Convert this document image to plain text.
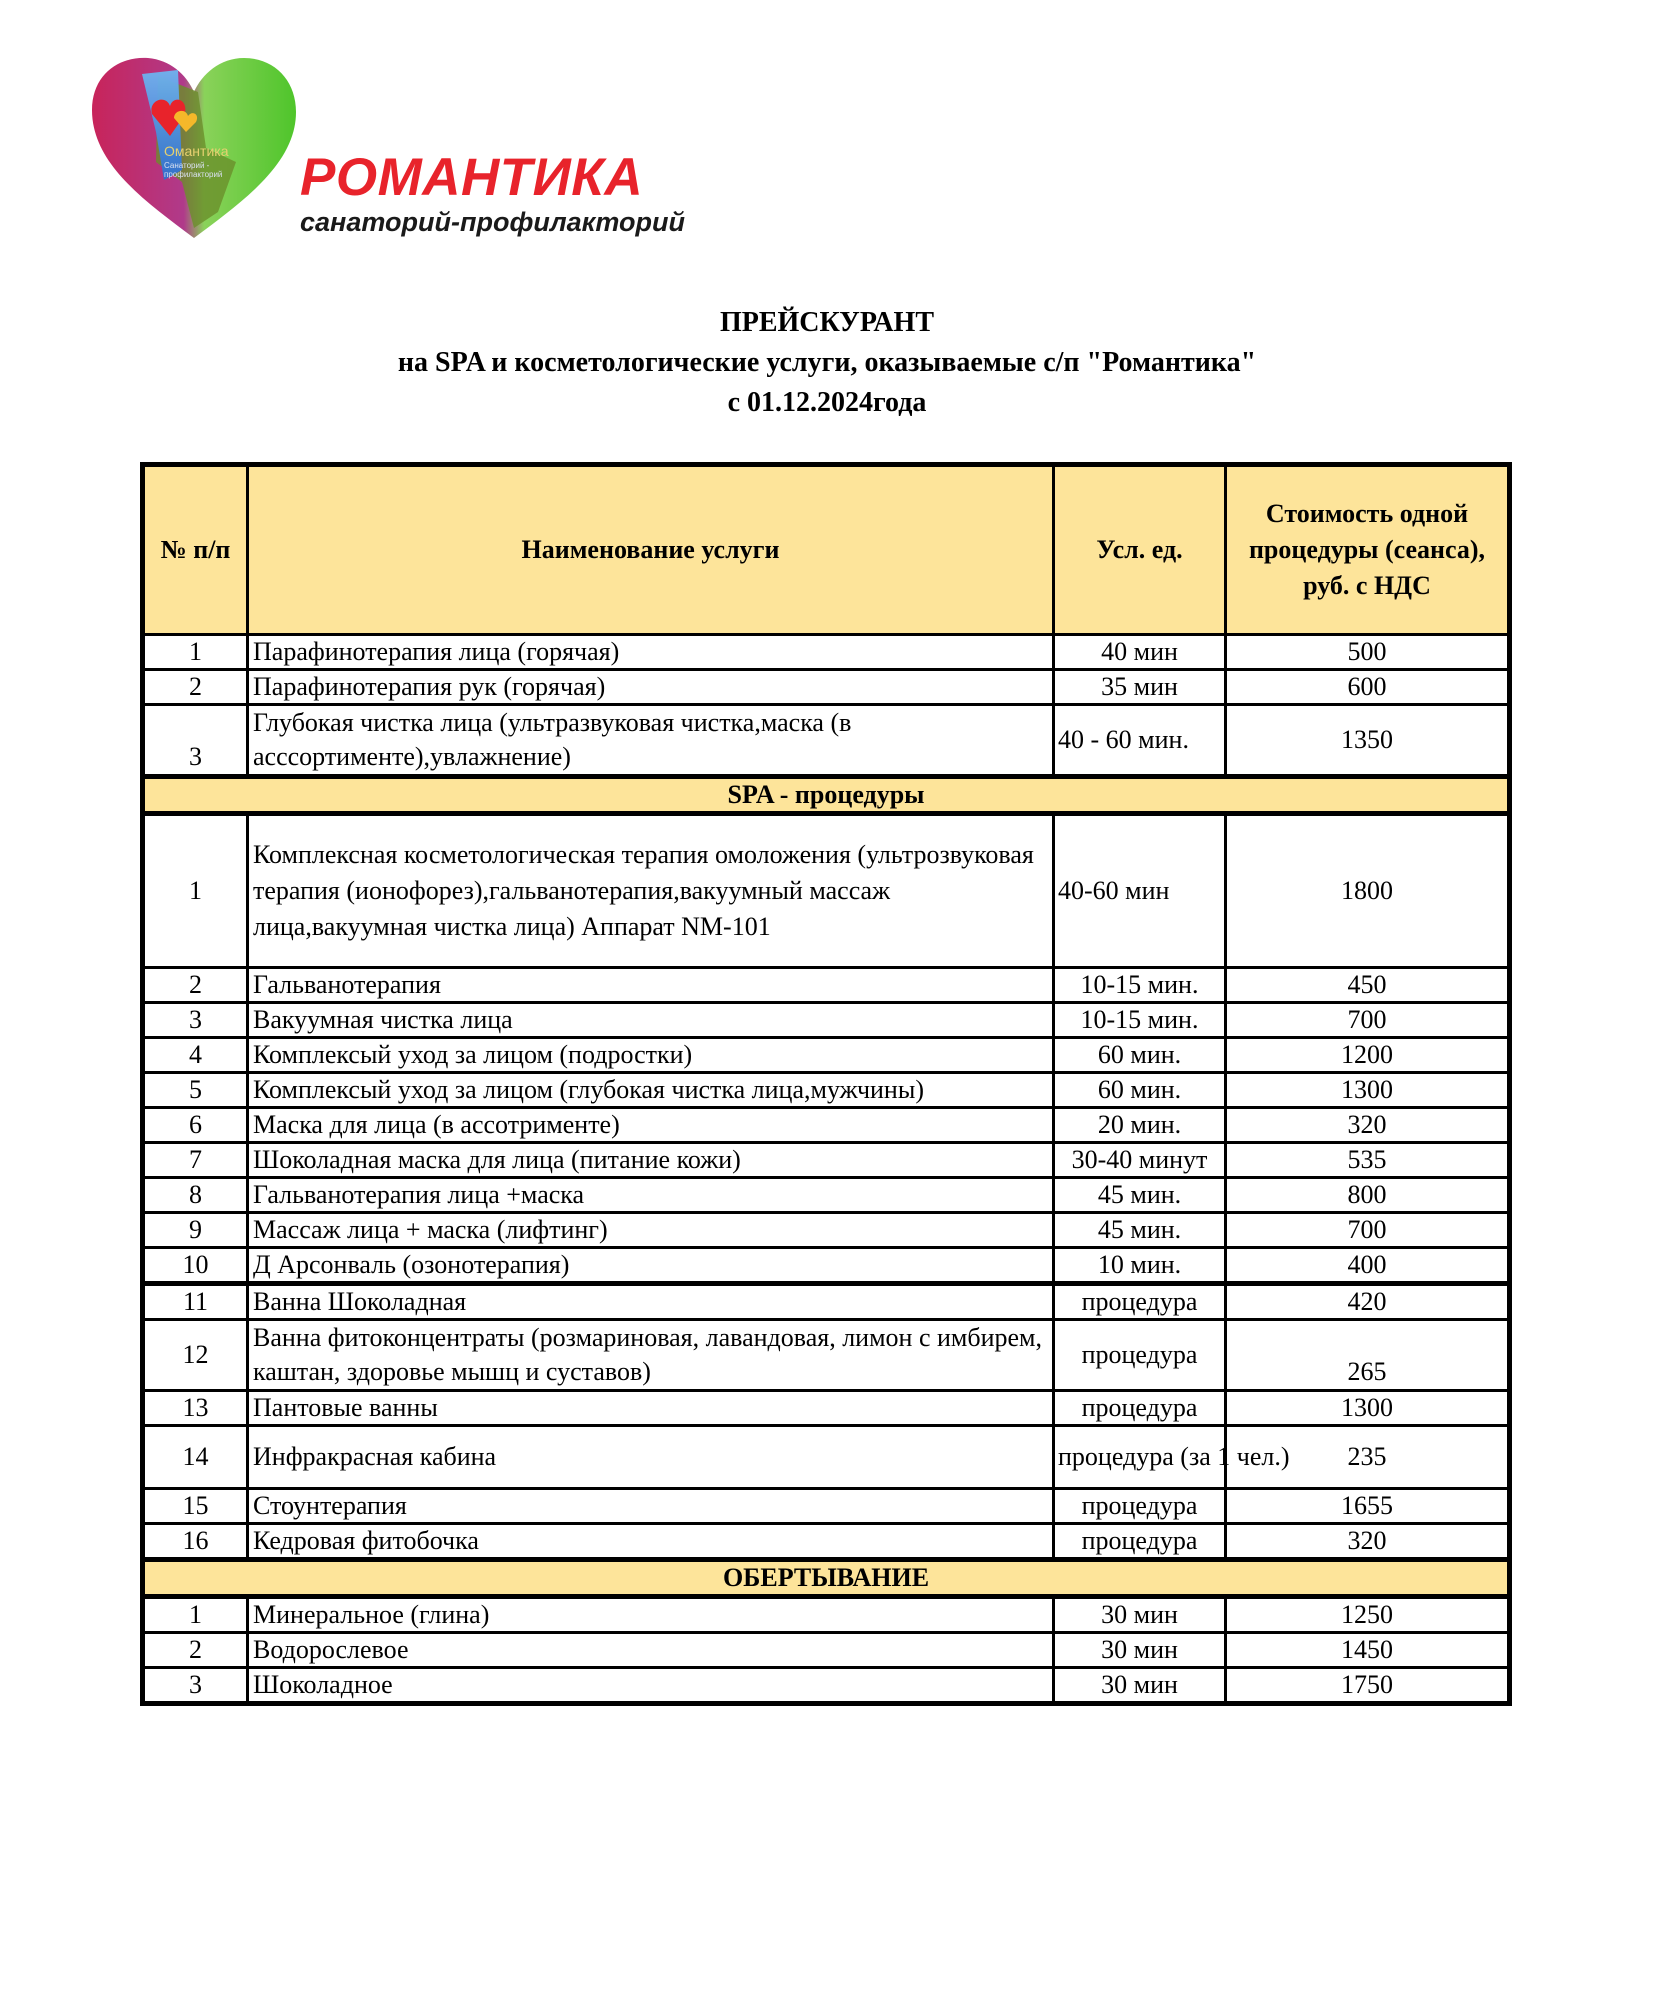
Омантика
Санаторий -
профилакторий РОМАНТИКА

санаторий-профилакторий

ПРЕЙСКУРАНТ
на SPA и косметологические услуги, оказываемые с/п "Романтика"
с 01.12.2024года
№ п/п	Наименование услуги	Усл. ед.	Стоимость одной
процедуры (сеанса),
руб. с НДС
1	Парафинотерапия лица (горячая)	40 мин	500
2	Парафинотерапия рук (горячая)	35 мин	600
3	Глубокая чистка лица (ультразвуковая чистка,маска (в асссортименте),увлажнение)	40 - 60 мин.	1350
SPA - процедуры			
1	Комплексная косметологическая терапия омоложения (ультрозвуковая терапия (ионофорез),гальванотерапия,вакуумный массаж лица,вакуумная чистка лица) Аппарат NM-101	40-60 мин	1800
2	Гальванотерапия	10-15 мин.	450
3	Вакуумная чистка лица	10-15 мин.	700
4	Комплексый уход за лицом (подростки)	60 мин.	1200
5	Комплексый уход за лицом (глубокая чистка лица,мужчины)	60 мин.	1300
6	Маска для лица (в ассотрименте)	20 мин.	320
7	Шоколадная маска для лица (питание кожи)	30-40 минут	535
8	Гальванотерапия лица +маска	45 мин.	800
9	Массаж лица + маска (лифтинг)	45 мин.	700
10	Д Арсонваль (озонотерапия)	10 мин.	400
11	Ванна Шоколадная	процедура	420
12	Ванна фитоконцентраты (розмариновая, лавандовая, лимон с имбирем, каштан, здоровье мышц и суставов)	процедура	265
13	Пантовые ванны	процедура	1300
14	Инфракрасная кабина	процедура (за 1 чел.)	235
15	Стоунтерапия	процедура	1655
16	Кедровая фитобочка	процедура	320
ОБЕРТЫВАНИЕ			
1	Минеральное (глина)	30 мин	1250
2	Водорослевое	30 мин	1450
3	Шоколадное	30 мин	1750
